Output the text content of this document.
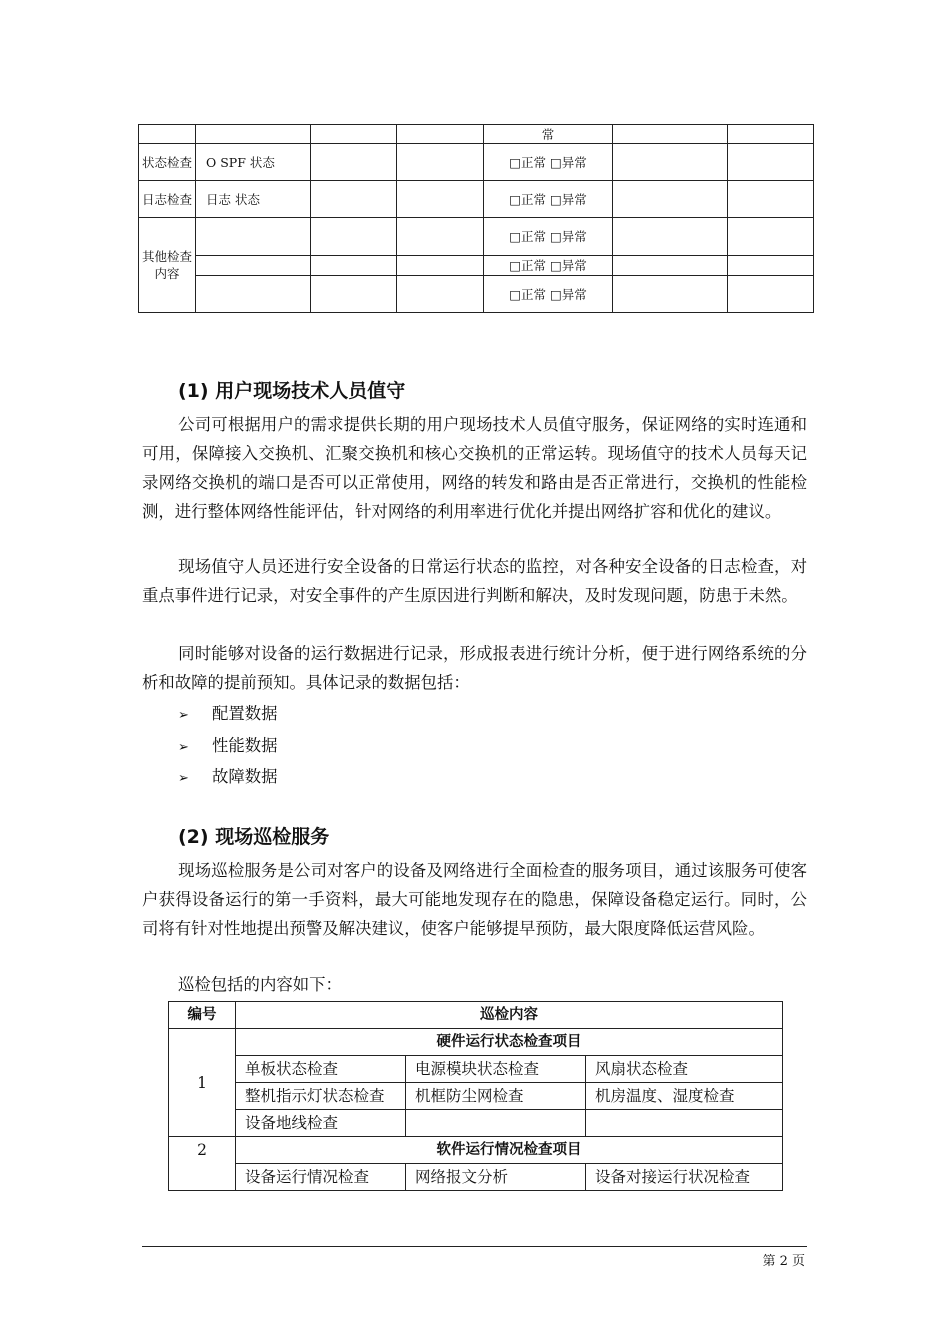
				常		
状态检查	O SPF 状态			□正常 □异常		
日志检查	日志 状态			□正常 □异常		
其他检查内容				□正常 □异常		
				□正常 □异常		
				□正常 □异常		
(1) 用户现场技术人员值守
公司可根据用户的需求提供长期的用户现场技术人员值守服务，保证网络的实时连通和可用，保障接入交换机、汇聚交换机和核心交换机的正常运转。现场值守的技术人员每天记录网络交换机的端口是否可以正常使用，网络的转发和路由是否正常进行，交换机的性能检测，进行整体网络性能评估，针对网络的利用率进行优化并提出网络扩容和优化的建议。
现场值守人员还进行安全设备的日常运行状态的监控，对各种安全设备的日志检查，对重点事件进行记录，对安全事件的产生原因进行判断和解决，及时发现问题，防患于未然。
同时能够对设备的运行数据进行记录，形成报表进行统计分析，便于进行网络系统的分析和故障的提前预知。具体记录的数据包括：
➢ 配置数据
➢ 性能数据
➢ 故障数据
(2) 现场巡检服务
现场巡检服务是公司对客户的设备及网络进行全面检查的服务项目，通过该服务可使客户获得设备运行的第一手资料，最大可能地发现存在的隐患，保障设备稳定运行。同时，公司将有针对性地提出预警及解决建议，使客户能够提早预防，最大限度降低运营风险。
巡检包括的内容如下：
编号	巡检内容		
1	硬件运行状态检查项目		
	单板状态检查	电源模块状态检查	风扇状态检查
	整机指示灯状态检查	机框防尘网检查	机房温度、湿度检查
	设备地线检查		
2	软件运行情况检查项目		
	设备运行情况检查	网络报文分析	设备对接运行状况检查
第 2 页
